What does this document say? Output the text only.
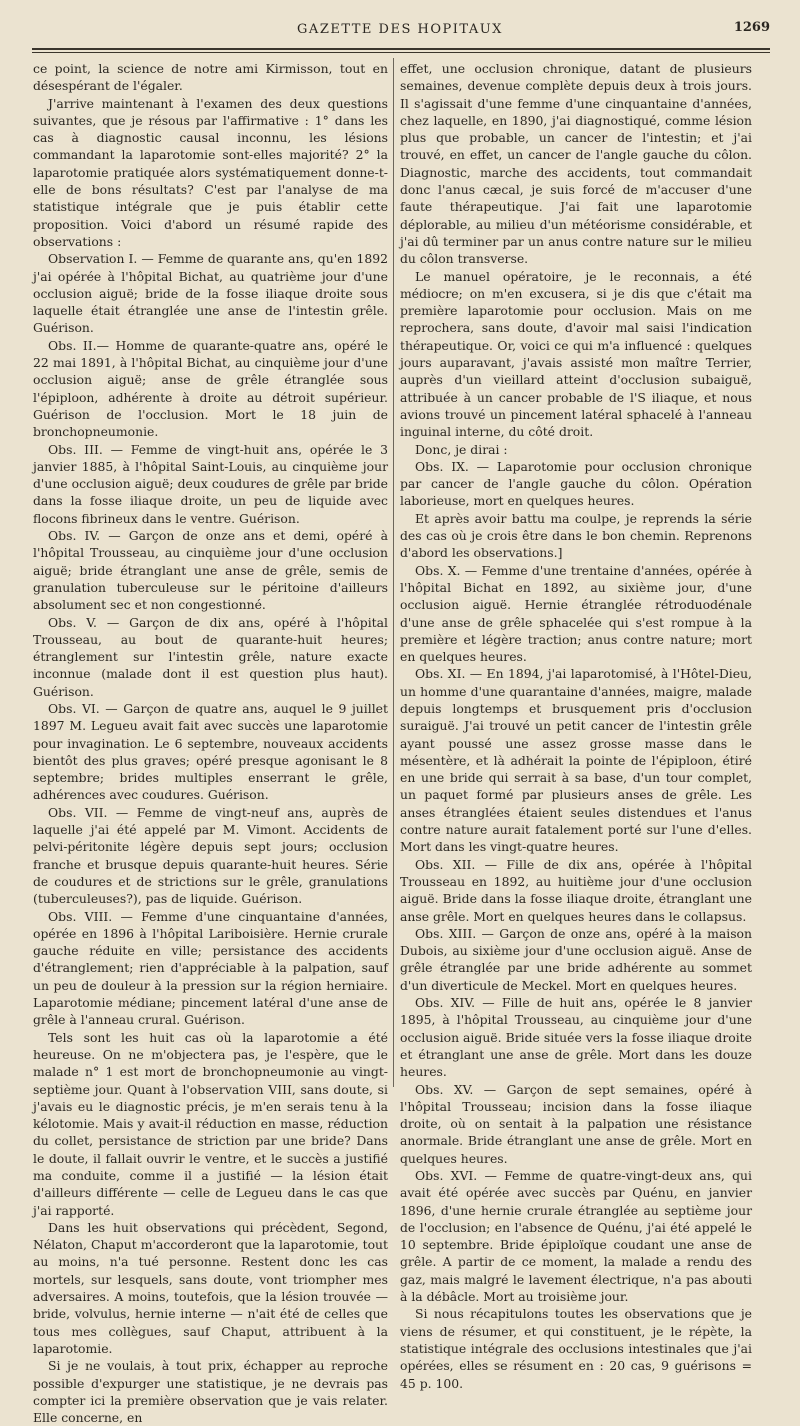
GAZETTE DES HOPITAUX	1269

ce point, la science de notre ami Kirmisson, tout en désespérant de l'égaler.

J'arrive maintenant à l'examen des deux questions suivantes, que je résous par l'affirmative : 1° dans les cas à diagnostic causal inconnu, les lésions commandant la laparotomie sont-elles majorité? 2° la laparotomie pratiquée alors systématiquement donne-t-elle de bons résultats? C'est par l'analyse de ma statistique intégrale que je puis établir cette proposition. Voici d'abord un résumé rapide des observations :

Observation I. — Femme de quarante ans, qu'en 1892 j'ai opérée à l'hôpital Bichat, au quatrième jour d'une occlusion aiguë; bride de la fosse iliaque droite sous laquelle était étranglée une anse de l'intestin grêle. Guérison.

Obs. II.— Homme de quarante-quatre ans, opéré le 22 mai 1891, à l'hôpital Bichat, au cinquième jour d'une occlusion aiguë; anse de grêle étranglée sous l'épiploon, adhérente à droite au détroit supérieur. Guérison de l'occlusion. Mort le 18 juin de bronchopneumonie.

Obs. III. — Femme de vingt-huit ans, opérée le 3 janvier 1885, à l'hôpital Saint-Louis, au cinquième jour d'une occlusion aiguë; deux coudures de grêle par bride dans la fosse iliaque droite, un peu de liquide avec flocons fibrineux dans le ventre. Guérison.

Obs. IV. — Garçon de onze ans et demi, opéré à l'hôpital Trousseau, au cinquième jour d'une occlusion aiguë; bride étranglant une anse de grêle, semis de granulation tuberculeuse sur le péritoine d'ailleurs absolument sec et non congestionné.

Obs. V. — Garçon de dix ans, opéré à l'hôpital Trousseau, au bout de quarante-huit heures; étranglement sur l'intestin grêle, nature exacte inconnue (malade dont il est question plus haut). Guérison.

Obs. VI. — Garçon de quatre ans, auquel le 9 juillet 1897 M. Legueu avait fait avec succès une laparotomie pour invagination. Le 6 septembre, nouveaux accidents bientôt des plus graves; opéré presque agonisant le 8 septembre; brides multiples enserrant le grêle, adhérences avec coudures. Guérison.

Obs. VII. — Femme de vingt-neuf ans, auprès de laquelle j'ai été appelé par M. Vimont. Accidents de pelvi-péritonite légère depuis sept jours; occlusion franche et brusque depuis quarante-huit heures. Série de coudures et de strictions sur le grêle, granulations (tuberculeuses?), pas de liquide. Guérison.

Obs. VIII. — Femme d'une cinquantaine d'années, opérée en 1896 à l'hôpital Lariboisière. Hernie crurale gauche réduite en ville; persistance des accidents d'étranglement; rien d'appréciable à la palpation, sauf un peu de douleur à la pression sur la région herniaire. Laparotomie médiane; pincement latéral d'une anse de grêle à l'anneau crural. Guérison.

Tels sont les huit cas où la laparotomie a été heureuse. On ne m'objectera pas, je l'espère, que le malade n° 1 est mort de bronchopneumonie au vingt-septième jour. Quant à l'observation VIII, sans doute, si j'avais eu le diagnostic précis, je m'en serais tenu à la kélotomie. Mais y avait-il réduction en masse, réduction du collet, persistance de striction par une bride? Dans le doute, il fallait ouvrir le ventre, et le succès a justifié ma conduite, comme il a justifié — la lésion était d'ailleurs différente — celle de Legueu dans le cas que j'ai rapporté.

Dans les huit observations qui précèdent, Segond, Nélaton, Chaput m'accorderont que la laparotomie, tout au moins, n'a tué personne. Restent donc les cas mortels, sur lesquels, sans doute, vont triompher mes adversaires. A moins, toutefois, que la lésion trouvée — bride, volvulus, hernie interne — n'ait été de celles que tous mes collègues, sauf Chaput, attribuent à la laparotomie.

Si je ne voulais, à tout prix, échapper au reproche possible d'expurger une statistique, je ne devrais pas compter ici la première observation que je vais relater. Elle concerne, en

effet, une occlusion chronique, datant de plusieurs semaines, devenue complète depuis deux à trois jours. Il s'agissait d'une femme d'une cinquantaine d'années, chez laquelle, en 1890, j'ai diagnostiqué, comme lésion plus que probable, un cancer de l'intestin; et j'ai trouvé, en effet, un cancer de l'angle gauche du côlon. Diagnostic, marche des accidents, tout commandait donc l'anus cæcal, je suis forcé de m'accuser d'une faute thérapeutique. J'ai fait une laparotomie déplorable, au milieu d'un météorisme considérable, et j'ai dû terminer par un anus contre nature sur le milieu du côlon transverse.

Le manuel opératoire, je le reconnais, a été médiocre; on m'en excusera, si je dis que c'était ma première laparotomie pour occlusion. Mais on me reprochera, sans doute, d'avoir mal saisi l'indication thérapeutique. Or, voici ce qui m'a influencé : quelques jours auparavant, j'avais assisté mon maître Terrier, auprès d'un vieillard atteint d'occlusion subaiguë, attribuée à un cancer probable de l'S iliaque, et nous avions trouvé un pincement latéral sphacelé à l'anneau inguinal interne, du côté droit.

Donc, je dirai :

Obs. IX. — Laparotomie pour occlusion chronique par cancer de l'angle gauche du côlon. Opération laborieuse, mort en quelques heures.

Et après avoir battu ma coulpe, je reprends la série des cas où je crois être dans le bon chemin. Reprenons d'abord les observations.]

Obs. X. — Femme d'une trentaine d'années, opérée à l'hôpital Bichat en 1892, au sixième jour, d'une occlusion aiguë. Hernie étranglée rétroduodénale d'une anse de grêle sphacelée qui s'est rompue à la première et légère traction; anus contre nature; mort en quelques heures.

Obs. XI. — En 1894, j'ai laparotomisé, à l'Hôtel-Dieu, un homme d'une quarantaine d'années, maigre, malade depuis longtemps et brusquement pris d'occlusion suraiguë. J'ai trouvé un petit cancer de l'intestin grêle ayant poussé une assez grosse masse dans le mésentère, et là adhérait la pointe de l'épiploon, étiré en une bride qui serrait à sa base, d'un tour complet, un paquet formé par plusieurs anses de grêle. Les anses étranglées étaient seules distendues et l'anus contre nature aurait fatalement porté sur l'une d'elles. Mort dans les vingt-quatre heures.

Obs. XII. — Fille de dix ans, opérée à l'hôpital Trousseau en 1892, au huitième jour d'une occlusion aiguë. Bride dans la fosse iliaque droite, étranglant une anse grêle. Mort en quelques heures dans le collapsus.

Obs. XIII. — Garçon de onze ans, opéré à la maison Dubois, au sixième jour d'une occlusion aiguë. Anse de grêle étranglée par une bride adhérente au sommet d'un diverticule de Meckel. Mort en quelques heures.

Obs. XIV. — Fille de huit ans, opérée le 8 janvier 1895, à l'hôpital Trousseau, au cinquième jour d'une occlusion aiguë. Bride située vers la fosse iliaque droite et étranglant une anse de grêle. Mort dans les douze heures.

Obs. XV. — Garçon de sept semaines, opéré à l'hôpital Trousseau; incision dans la fosse iliaque droite, où on sentait à la palpation une résistance anormale. Bride étranglant une anse de grêle. Mort en quelques heures.

Obs. XVI. — Femme de quatre-vingt-deux ans, qui avait été opérée avec succès par Quénu, en janvier 1896, d'une hernie crurale étranglée au septième jour de l'occlusion; en l'absence de Quénu, j'ai été appelé le 10 septembre. Bride épiploïque coudant une anse de grêle. A partir de ce moment, la malade a rendu des gaz, mais malgré le lavement électrique, n'a pas abouti à la débâcle. Mort au troisième jour.

Si nous récapitulons toutes les observations que je viens de résumer, et qui constituent, je le répète, la statistique intégrale des occlusions intestinales que j'ai opérées, elles se résument en : 20 cas, 9 guérisons = 45 p. 100.
